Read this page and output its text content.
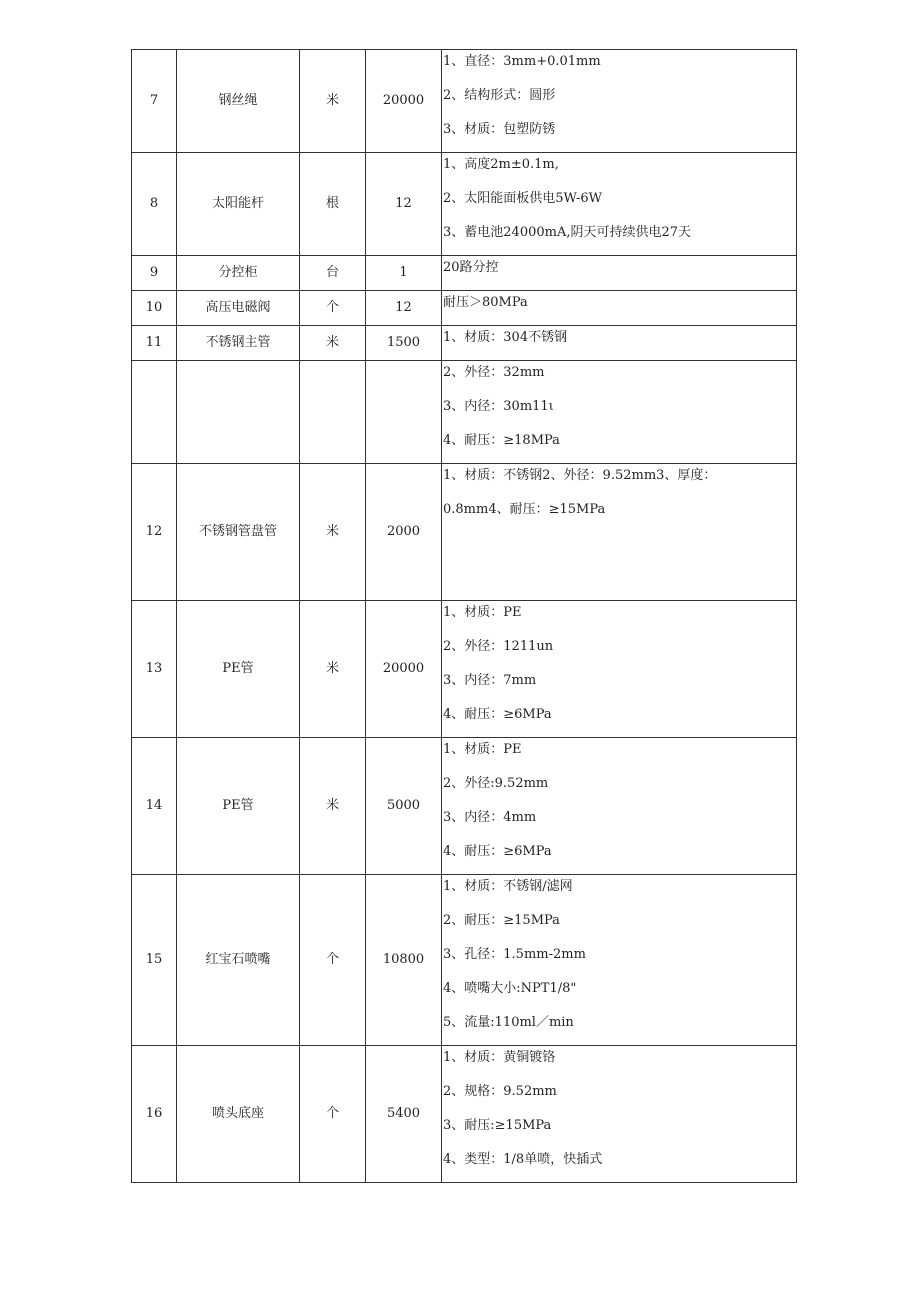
7	钢丝绳	米	20000	1、直径：3mm+0.01mm
2、结构形式：圆形
3、材质：包塑防锈

8	太阳能杆	根	12	1、高度2m±0.1m,
2、太阳能面板供电5W-6W
3、蓄电池24000mA,阴天可持续供电27天

9	分控柜	台	1	20路分控

10	高压电磁阀	个	12	耐压＞80MPa

11	不锈钢主管	米	1500	1、材质：304不锈钢

				2、外径：32mm
3、内径：30m11ι
4、耐压：≥18MPa

12	不锈钢管盘管	米	2000	1、材质：不锈钢2、外径：9.52mm3、厚度：
0.8mm4、耐压：≥15MPa

13	PE管	米	20000	1、材质：PE
2、外径：1211un
3、内径：7mm
4、耐压：≥6MPa

14	PE管	米	5000	1、材质：PE
2、外径:9.52mm
3、内径：4mm
4、耐压：≥6MPa

15	红宝石喷嘴	个	10800	1、材质：不锈钢/滤网
2、耐压：≥15MPa
3、孔径：1.5mm-2mm
4、喷嘴大小:NPT1/8"
5、流量:110ml／min

16	喷头底座	个	5400	1、材质：黄铜镀铬
2、规格：9.52mm
3、耐压:≥15MPa
4、类型：1/8单喷，快插式
